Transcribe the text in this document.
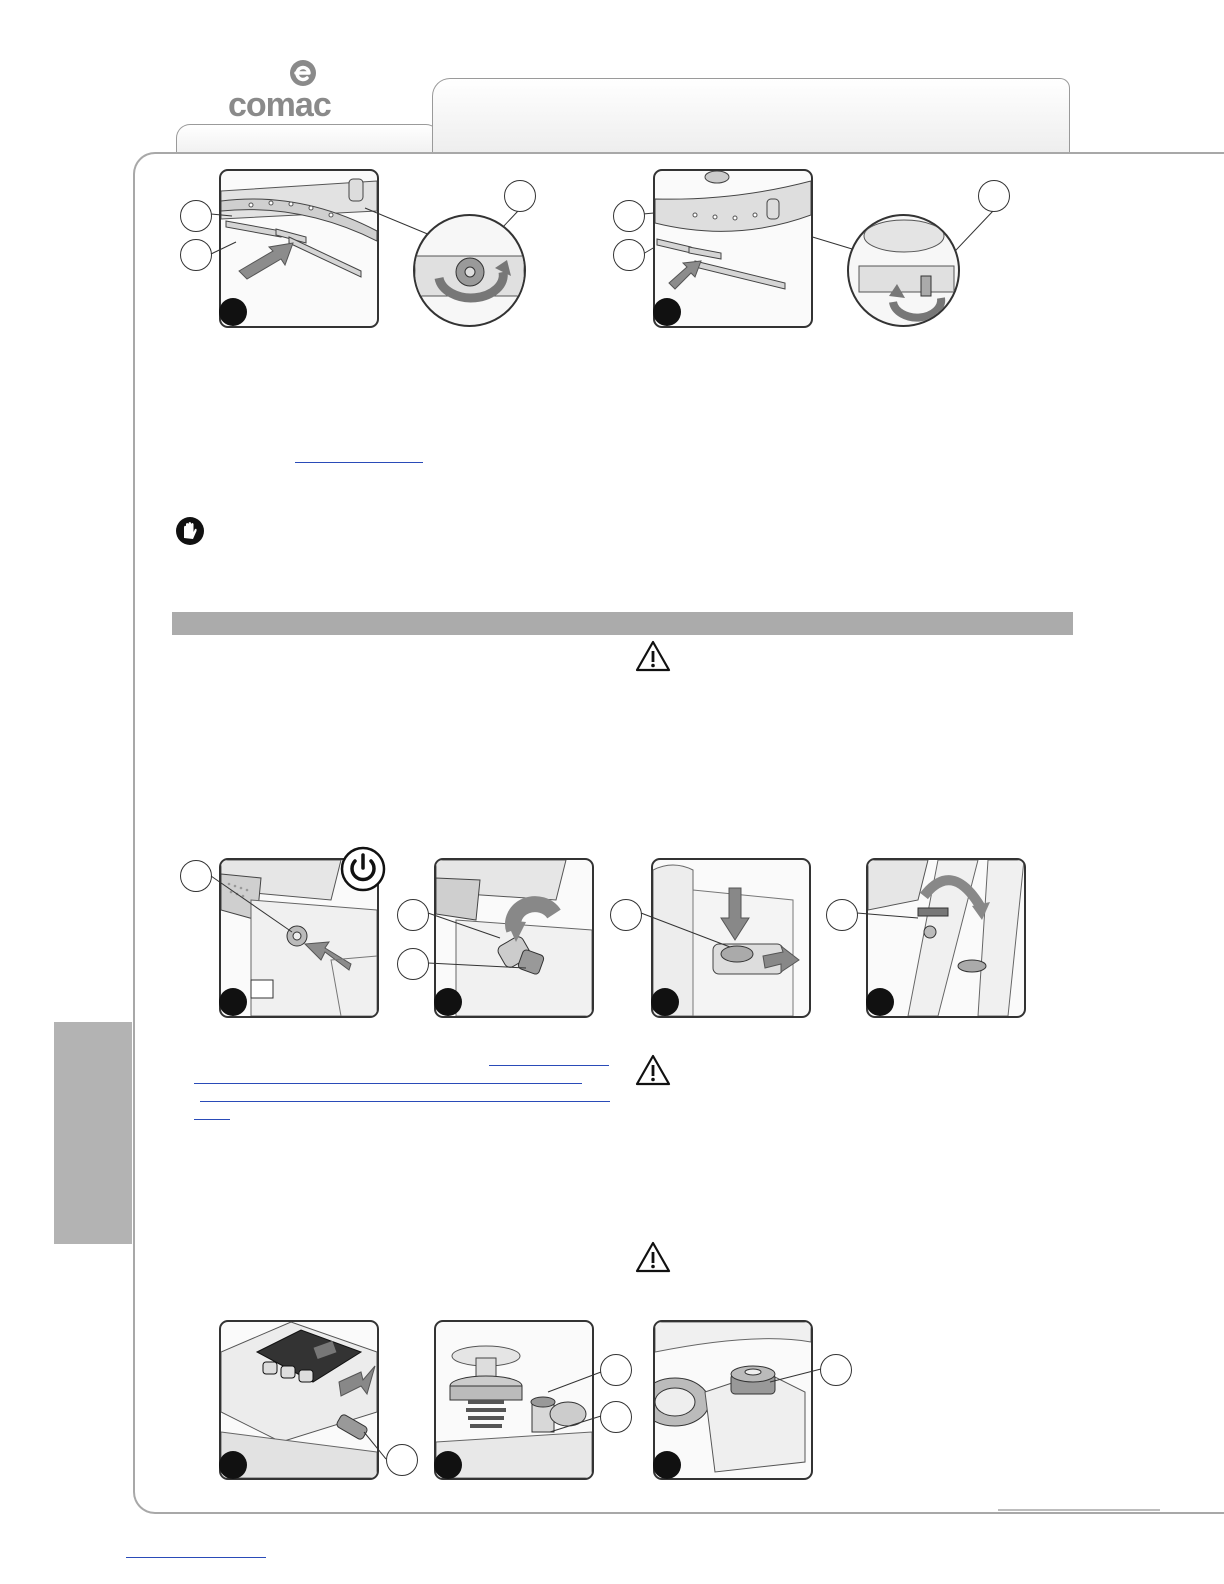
comac
